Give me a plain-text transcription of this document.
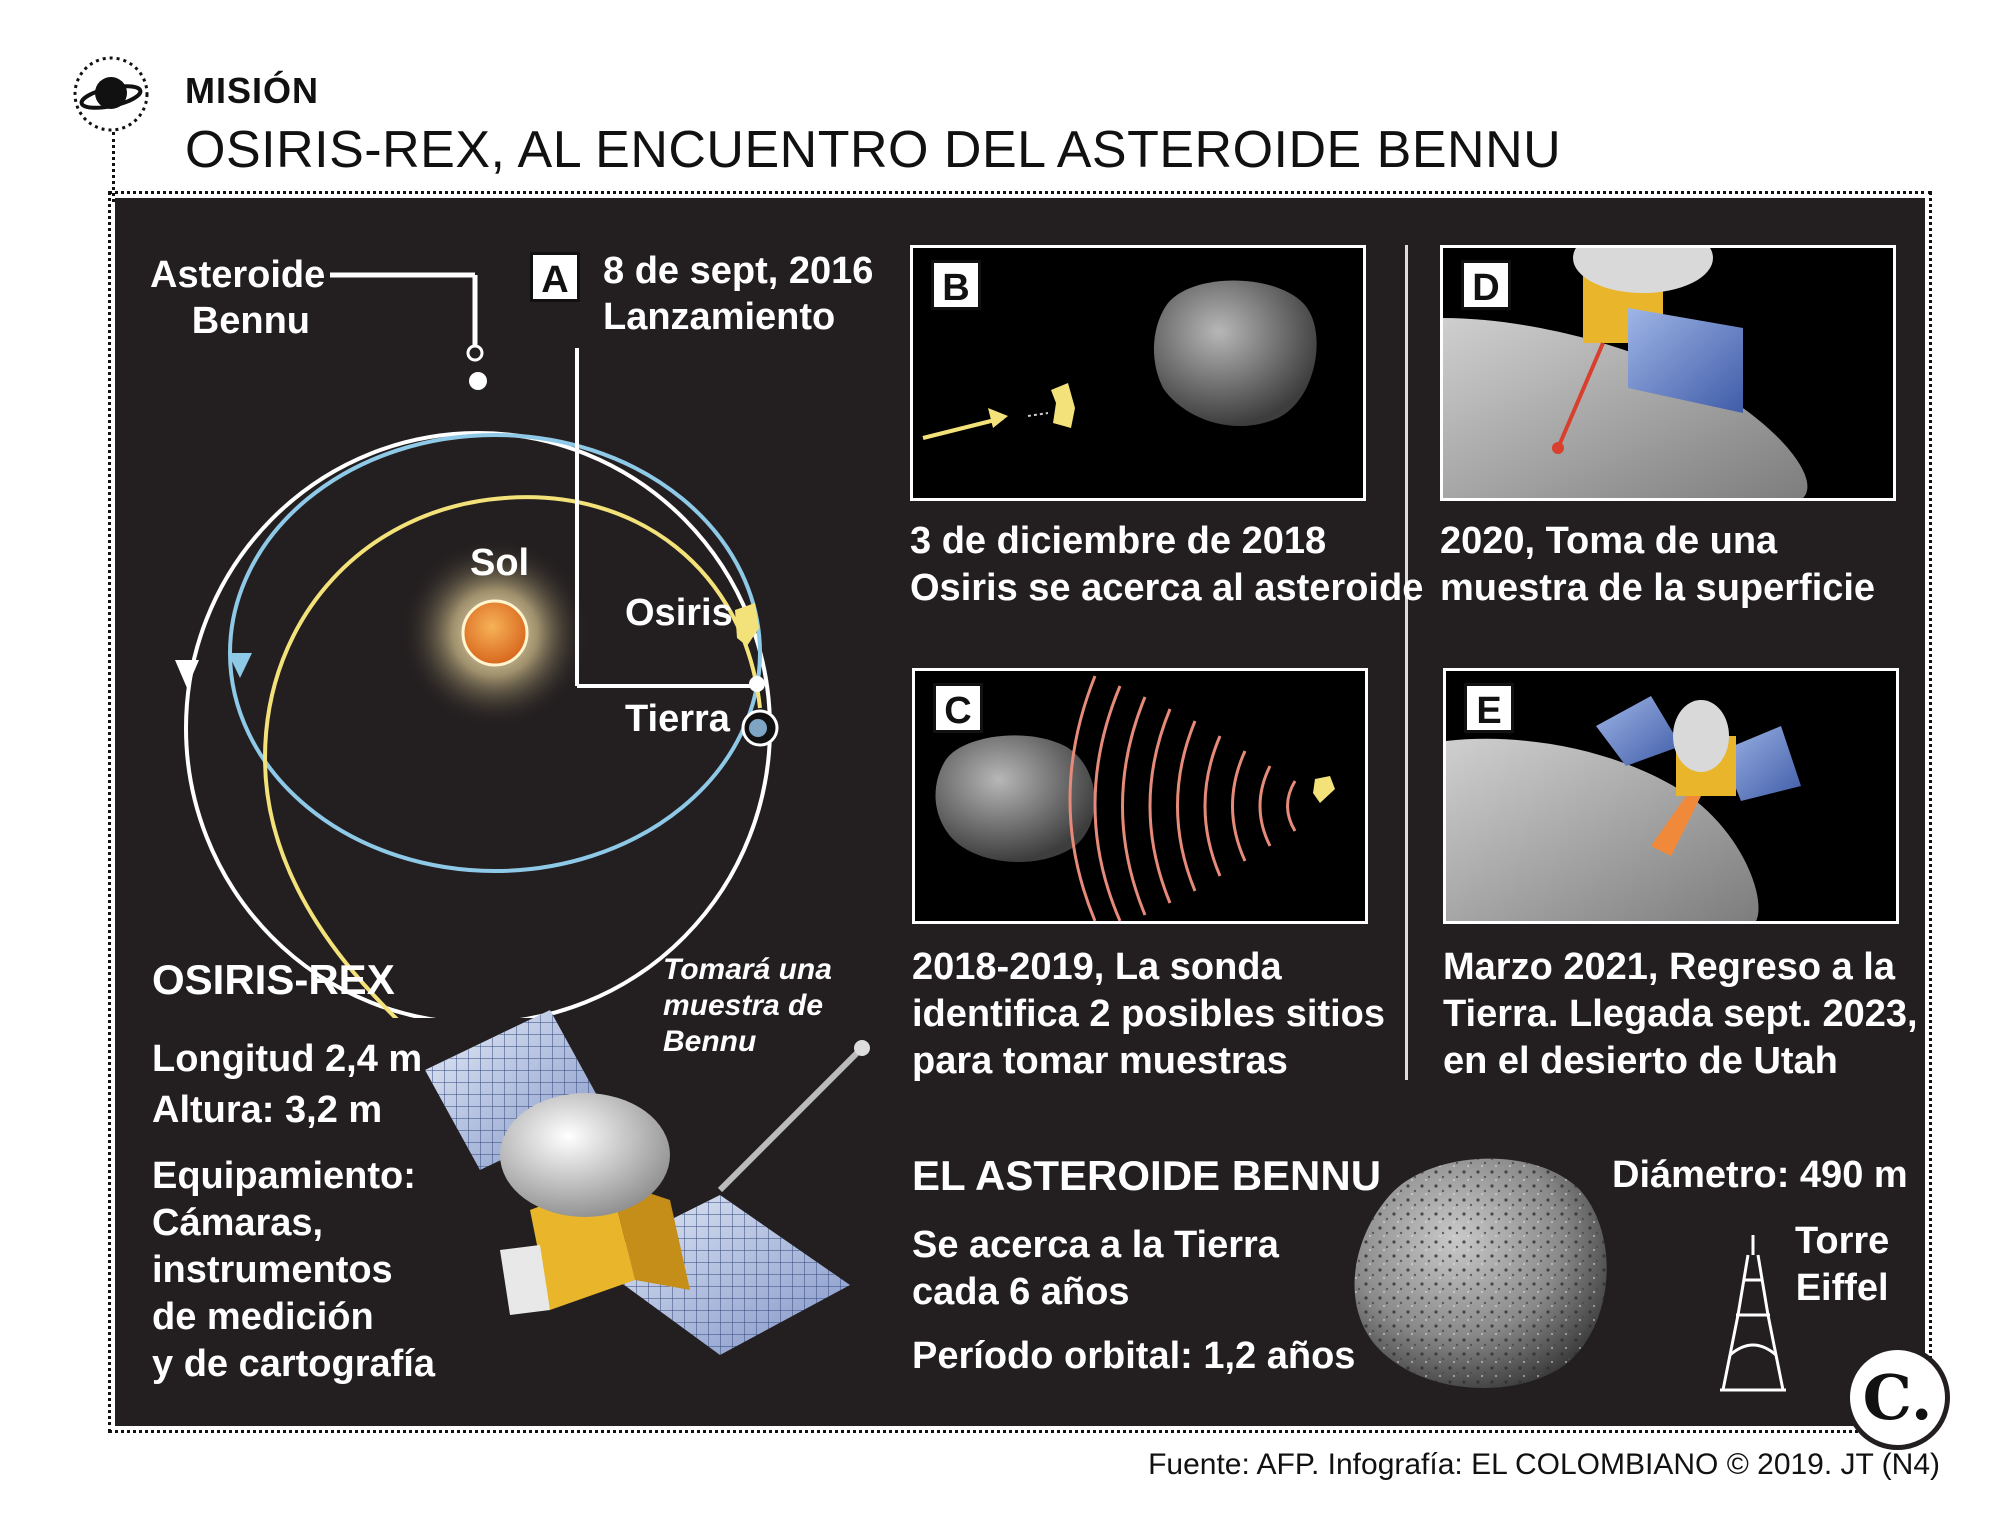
MISIÓN
OSIRIS-REX, AL ENCUENTRO DEL ASTEROIDE BENNU
Asteroide
Bennu
Sol
Osiris
Tierra
A 8 de sept, 2016
Lanzamiento
B
3 de diciembre de 2018
Osiris se acerca al asteroide
D
2020, Toma de una
muestra de la superficie
C
2018-2019, La sonda
identifica 2 posibles sitios
para tomar muestras
E
Marzo 2021, Regreso a la
Tierra. Llegada sept. 2023,
en el desierto de Utah
OSIRIS-REX
Longitud 2,4 m
Altura: 3,2 m
Equipamiento:
Cámaras,
instrumentos
de medición
y de cartografía
Tomará una
muestra de
Bennu
EL ASTEROIDE BENNU
Se acerca a la Tierra
cada 6 años
Período orbital: 1,2 años
Diámetro: 490 m
Torre
Eiffel
C.
Fuente: AFP. Infografía: EL COLOMBIANO © 2019. JT (N4)
